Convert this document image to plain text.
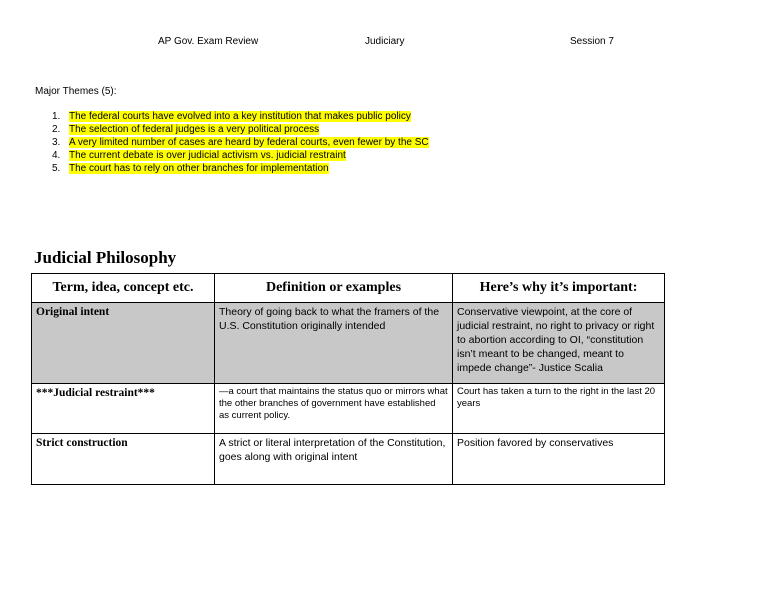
AP Gov. Exam Review	Judiciary	Session 7
Major Themes (5):
1. The federal courts have evolved into a key institution that makes public policy
2. The selection of federal judges is a very political process
3. A very limited number of cases are heard by federal courts, even fewer by the SC
4. The current debate is over judicial activism vs. judicial restraint
5. The court has to rely on other branches for implementation
Judicial Philosophy
Term, idea, concept etc.	Definition or examples	Here’s why it’s important:
Original intent	Theory of going back to what the framers of the U.S. Constitution originally intended	Conservative viewpoint, at the core of judicial restraint, no right to privacy or right to abortion according to OI, “constitution isn’t meant to be changed, meant to impede change”- Justice Scalia
***Judicial restraint***	—a court that maintains the status quo or mirrors what the other branches of government have established as current policy.	Court has taken a turn to the right in the last 20 years
Strict construction	A strict or literal interpretation of the Constitution, goes along with original intent	Position favored by conservatives
